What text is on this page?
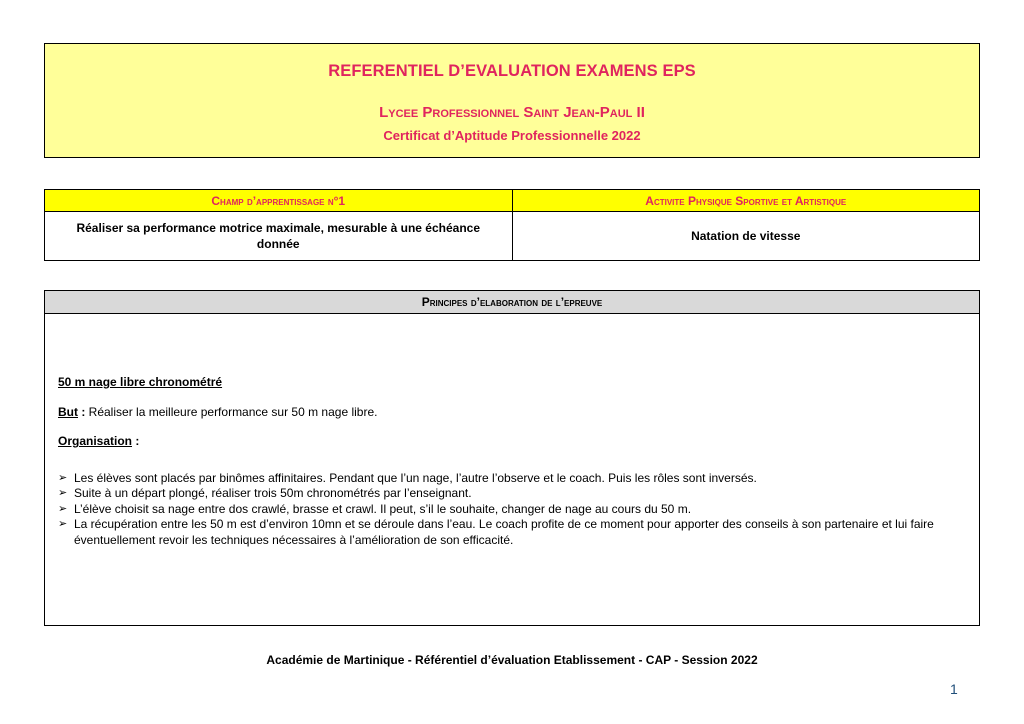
REFERENTIEL D’EVALUATION EXAMENS EPS
Lycee Professionnel Saint Jean-Paul II
Certificat d’Aptitude Professionnelle 2022
Champ d’apprentissage n°1	Activite Physique Sportive et Artistique
Réaliser sa performance motrice maximale, mesurable à une échéance donnée	Natation de vitesse
Principes d’elaboration de l’epreuve

50 m nage libre chronométré

But : Réaliser la meilleure performance sur 50 m nage libre.

Organisation :

➢ Les élèves sont placés par binômes affinitaires. Pendant que l’un nage, l’autre l’observe et le coach. Puis les rôles sont inversés.
➢ Suite à un départ plongé, réaliser trois 50m chronométrés par l’enseignant.
➢ L’élève choisit sa nage entre dos crawlé, brasse et crawl. Il peut, s’il le souhaite, changer de nage au cours du 50 m.
➢ La récupération entre les 50 m est d’environ 10mn et se déroule dans l’eau. Le coach profite de ce moment pour apporter des conseils à son partenaire et lui faire éventuellement revoir les techniques nécessaires à l’amélioration de son efficacité.
Académie de Martinique - Référentiel d’évaluation Etablissement - CAP - Session 2022
1
